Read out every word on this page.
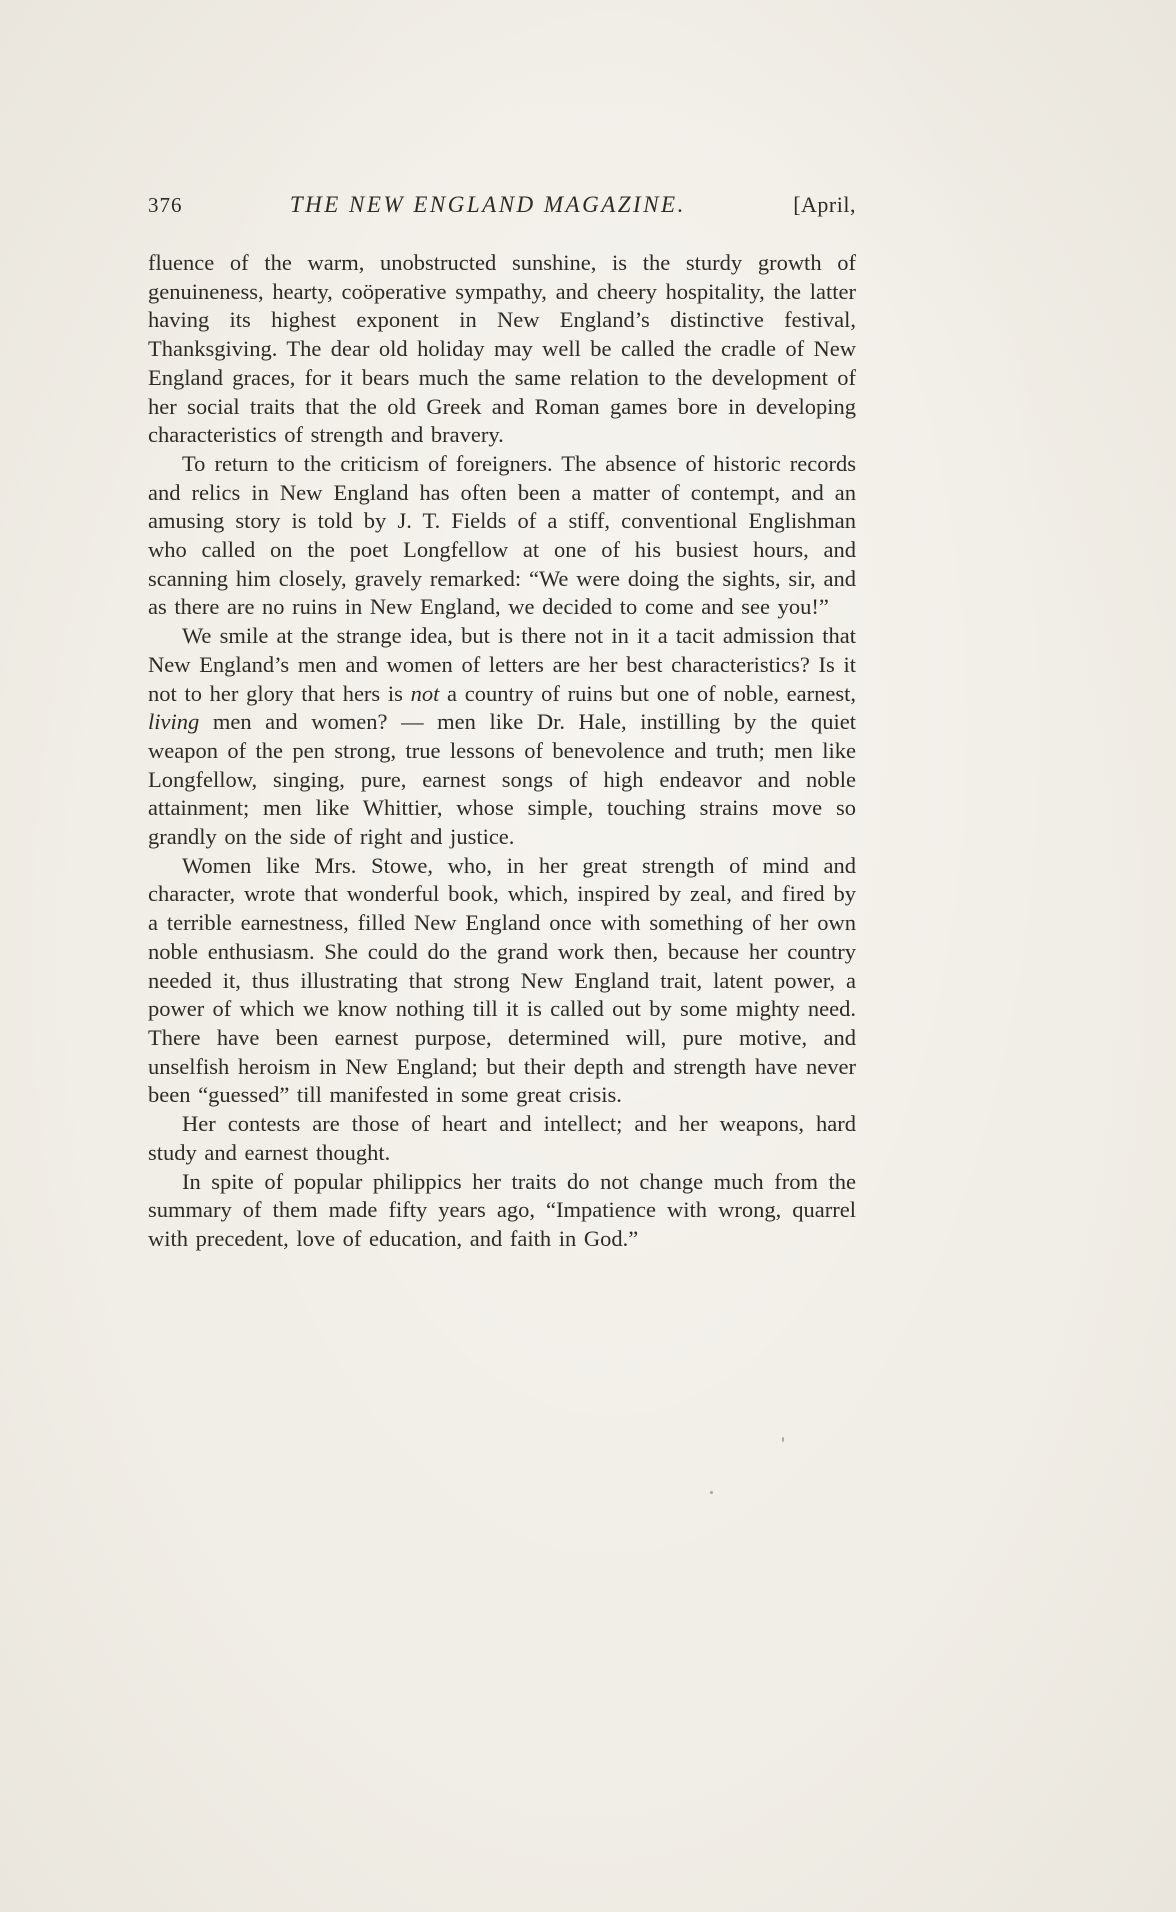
376	THE NEW ENGLAND MAGAZINE.	[April,

fluence of the warm, unobstructed sunshine, is the sturdy growth of genuineness, hearty, coöperative sympathy, and cheery hospitality, the latter having its highest exponent in New England’s distinctive festival, Thanksgiving. The dear old holiday may well be called the cradle of New England graces, for it bears much the same relation to the development of her social traits that the old Greek and Roman games bore in developing characteristics of strength and bravery.

To return to the criticism of foreigners. The absence of historic records and relics in New England has often been a matter of contempt, and an amusing story is told by J. T. Fields of a stiff, conventional Englishman who called on the poet Longfellow at one of his busiest hours, and scanning him closely, gravely remarked: “We were doing the sights, sir, and as there are no ruins in New England, we decided to come and see you!”

We smile at the strange idea, but is there not in it a tacit admission that New England’s men and women of letters are her best characteristics? Is it not to her glory that hers is not a country of ruins but one of noble, earnest, living men and women? — men like Dr. Hale, instilling by the quiet weapon of the pen strong, true lessons of benevolence and truth; men like Longfellow, singing, pure, earnest songs of high endeavor and noble attainment; men like Whittier, whose simple, touching strains move so grandly on the side of right and justice.

Women like Mrs. Stowe, who, in her great strength of mind and character, wrote that wonderful book, which, inspired by zeal, and fired by a terrible earnestness, filled New England once with something of her own noble enthusiasm. She could do the grand work then, because her country needed it, thus illustrating that strong New England trait, latent power, a power of which we know nothing till it is called out by some mighty need. There have been earnest purpose, determined will, pure motive, and unselfish heroism in New England; but their depth and strength have never been “guessed” till manifested in some great crisis.

Her contests are those of heart and intellect; and her weapons, hard study and earnest thought.

In spite of popular philippics her traits do not change much from the summary of them made fifty years ago, “Impatience with wrong, quarrel with precedent, love of education, and faith in God.”
